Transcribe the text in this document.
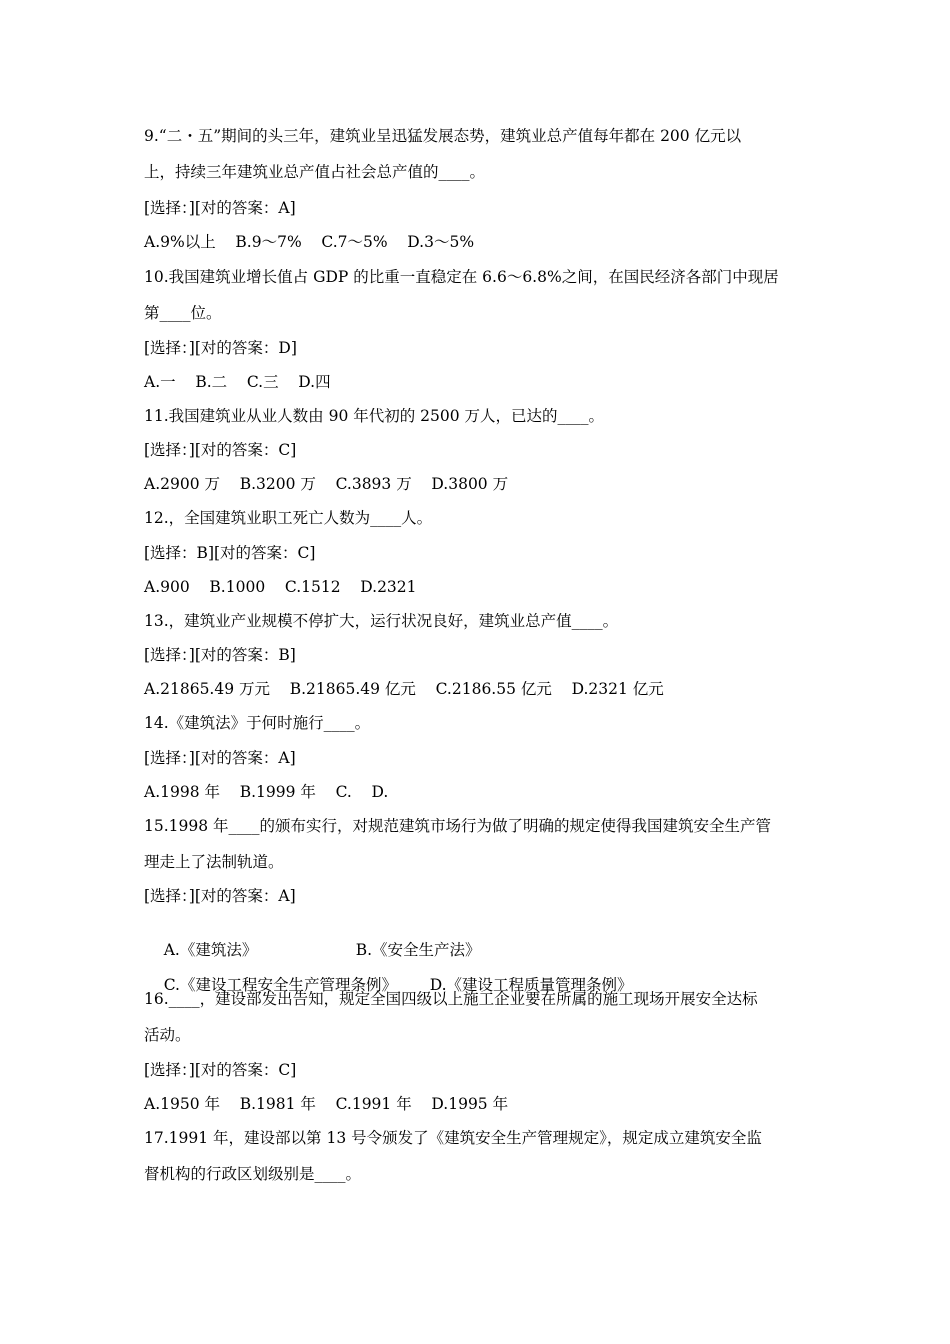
9.“二・五”期间的头三年，建筑业呈迅猛发展态势，建筑业总产值每年都在 200 亿元以
上，持续三年建筑业总产值占社会总产值的____。
[选择：][对的答案：A]
A.9%以上    B.9～7%    C.7～5%    D.3～5%
10.我国建筑业增长值占 GDP 的比重一直稳定在 6.6～6.8%之间，在国民经济各部门中现居
第____位。
[选择：][对的答案：D]
A.一    B.二    C.三    D.四
11.我国建筑业从业人数由 90 年代初的 2500 万人，已达的____。
[选择：][对的答案：C]
A.2900 万    B.3200 万    C.3893 万    D.3800 万
12.，全国建筑业职工死亡人数为____人。
[选择：B][对的答案：C]
A.900    B.1000    C.1512    D.2321
13.，建筑业产业规模不停扩大，运行状况良好，建筑业总产值____。
[选择：][对的答案：B]
A.21865.49 万元    B.21865.49 亿元    C.2186.55 亿元    D.2321 亿元
14.《建筑法》于何时施行____。
[选择：][对的答案：A]
A.1998 年    B.1999 年    C.    D.
15.1998 年____的颁布实行，对规范建筑市场行为做了明确的规定使得我国建筑安全生产管
理走上了法制轨道。
[选择：][对的答案：A]

A.《建筑法》	B.《安全生产法》

C.《建设工程安全生产管理条例》 D.《建设工程质量管理条例》

16.____，建设部发出告知，规定全国四级以上施工企业要在所属的施工现场开展安全达标
活动。
[选择：][对的答案：C]
A.1950 年    B.1981 年    C.1991 年    D.1995 年
17.1991 年，建设部以第 13 号令颁发了《建筑安全生产管理规定》，规定成立建筑安全监
督机构的行政区划级别是____。
